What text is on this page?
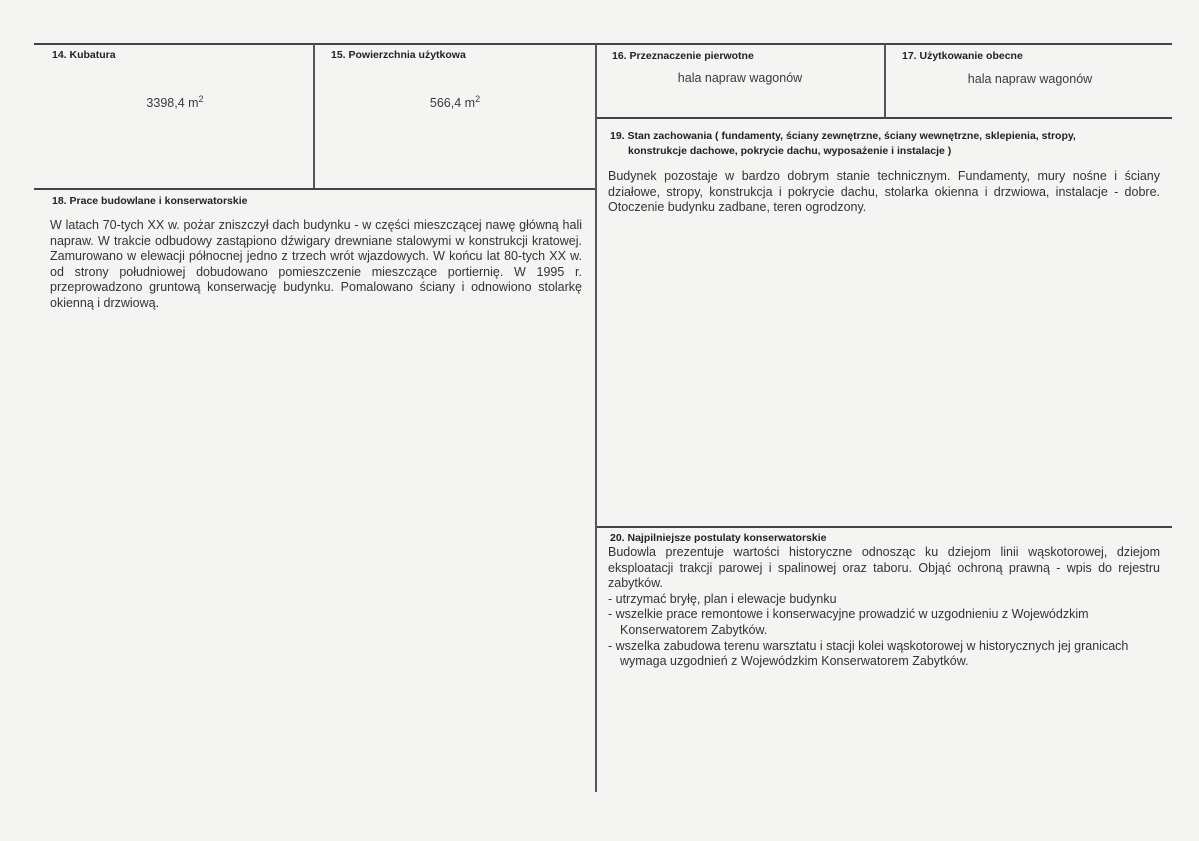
14. Kubatura
3398,4 $m^2$
15. Powierzchnia użytkowa
566,4 $m^2$
16. Przeznaczenie pierwotne
hala napraw wagonów
17. Użytkowanie obecne
hala napraw wagonów
18. Prace budowlane i konserwatorskie
W latach 70-tych XX w. pożar zniszczył dach budynku - w części mieszczącej nawę główną hali napraw. W trakcie odbudowy zastąpiono dźwigary drewniane stalowymi w konstrukcji kratowej. Zamurowano w elewacji północnej jedno z trzech wrót wjazdowych. W końcu lat 80-tych XX w. od strony południowej dobudowano pomieszczenie mieszczące portiernię. W 1995 r. przeprowadzono gruntową konserwację budynku. Pomalowano ściany i odnowiono stolarkę okienną i drzwiową.
19. Stan zachowania ( fundamenty, ściany zewnętrzne, ściany wewnętrzne, sklepienia, stropy,
konstrukcje dachowe, pokrycie dachu, wyposażenie i instalacje )
Budynek pozostaje w bardzo dobrym stanie technicznym. Fundamenty, mury nośne i ściany działowe, stropy, konstrukcja i pokrycie dachu, stolarka okienna i drzwiowa, instalacje - dobre. Otoczenie budynku zadbane, teren ogrodzony.
20. Najpilniejsze postulaty konserwatorskie
Budowla prezentuje wartości historyczne odnosząc ku dziejom linii wąskotorowej, dziejom eksploatacji trakcji parowej i spalinowej oraz taboru. Objąć ochroną prawną - wpis do rejestru zabytków.
- utrzymać bryłę, plan i elewacje budynku
- wszelkie prace remontowe i konserwacyjne prowadzić w uzgodnieniu z Wojewódzkim Konserwatorem Zabytków.
- wszelka zabudowa terenu warsztatu i stacji kolei wąskotorowej w historycznych jej granicach wymaga uzgodnień z Wojewódzkim Konserwatorem Zabytków.
